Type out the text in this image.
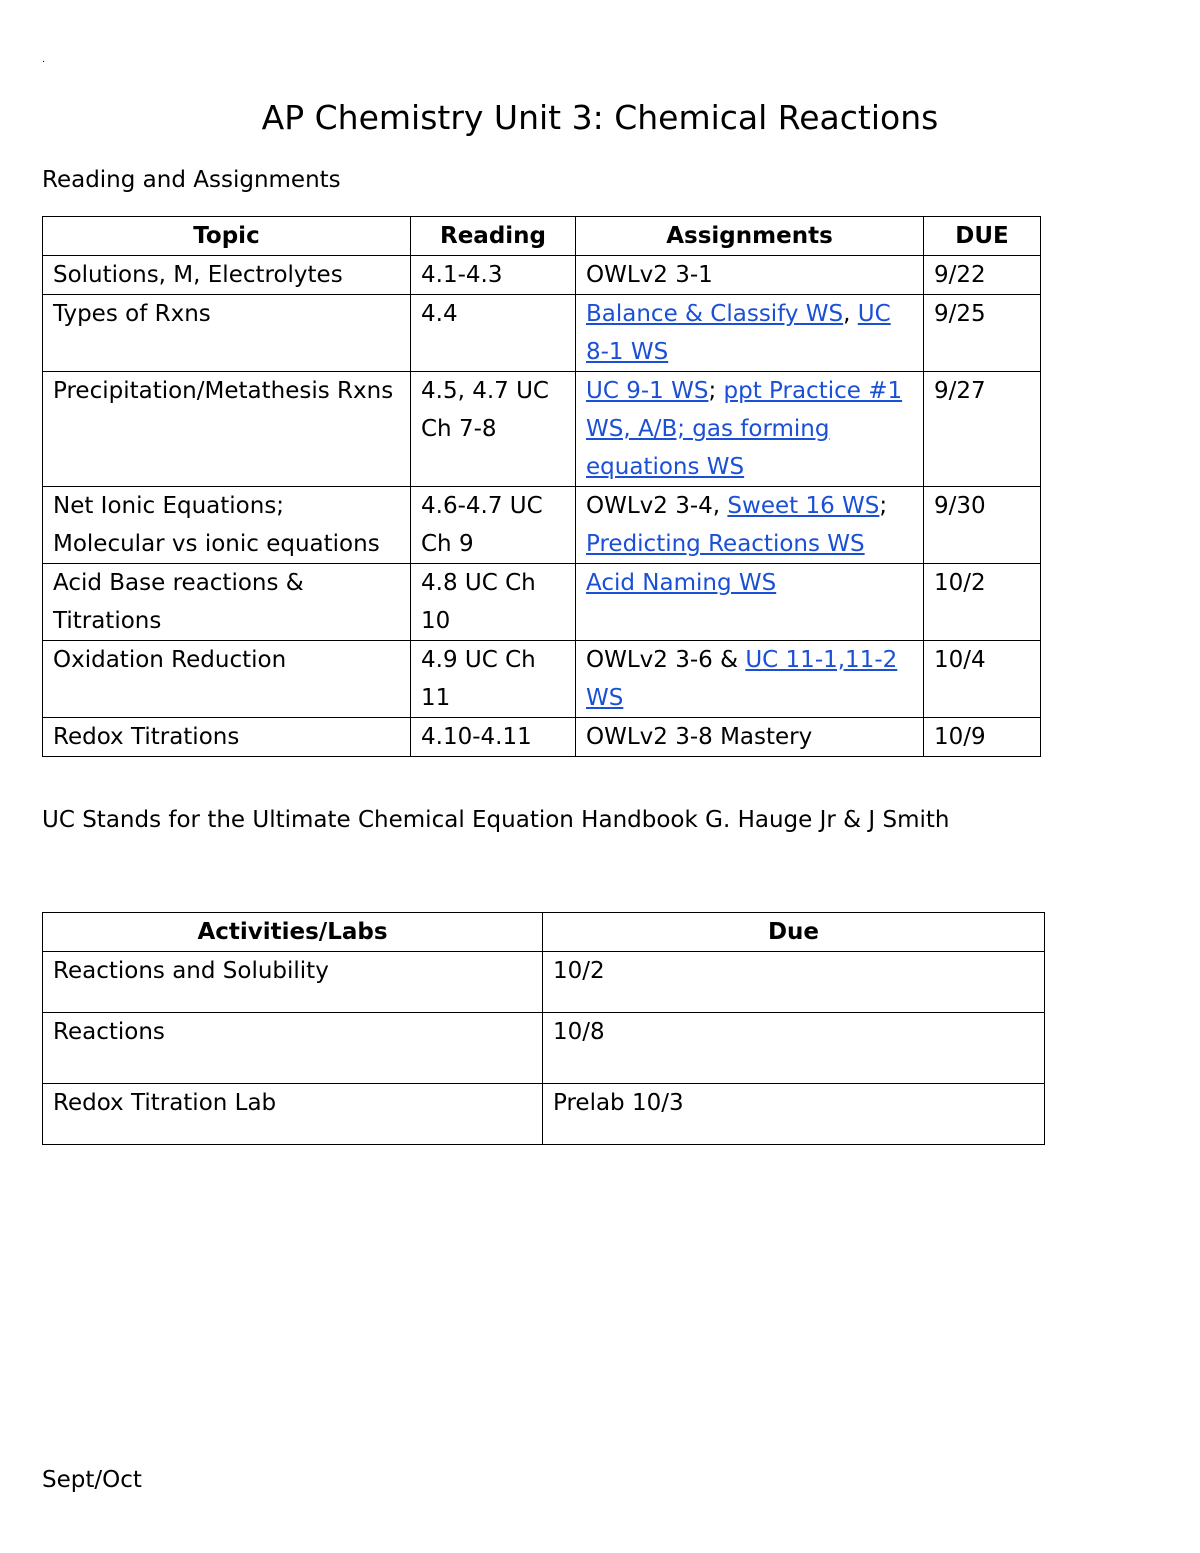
·
AP Chemistry Unit 3: Chemical Reactions
Reading and Assignments
Topic	Reading	Assignments	DUE
Solutions, M, Electrolytes	4.1-4.3	OWLv2 3-1	9/22
Types of Rxns	4.4	Balance & Classify WS, UC 8-1 WS	9/25
Precipitation/Metathesis Rxns	4.5, 4.7 UC Ch 7-8	UC 9-1 WS; ppt Practice #1 WS, A/B; gas forming equations WS	9/27
Net Ionic Equations; Molecular vs ionic equations	4.6-4.7 UC Ch 9	OWLv2 3-4, Sweet 16 WS; Predicting Reactions WS	9/30
Acid Base reactions & Titrations	4.8 UC Ch 10	Acid Naming WS	10/2
Oxidation Reduction	4.9 UC Ch 11	OWLv2 3-6 & UC 11-1,11-2 WS	10/4
Redox Titrations	4.10-4.11	OWLv2 3-8 Mastery	10/9
UC Stands for the Ultimate Chemical Equation Handbook G. Hauge Jr & J Smith
Activities/Labs	Due
Reactions and Solubility	10/2
Reactions	10/8
Redox Titration Lab	Prelab 10/3
Sept/Oct
